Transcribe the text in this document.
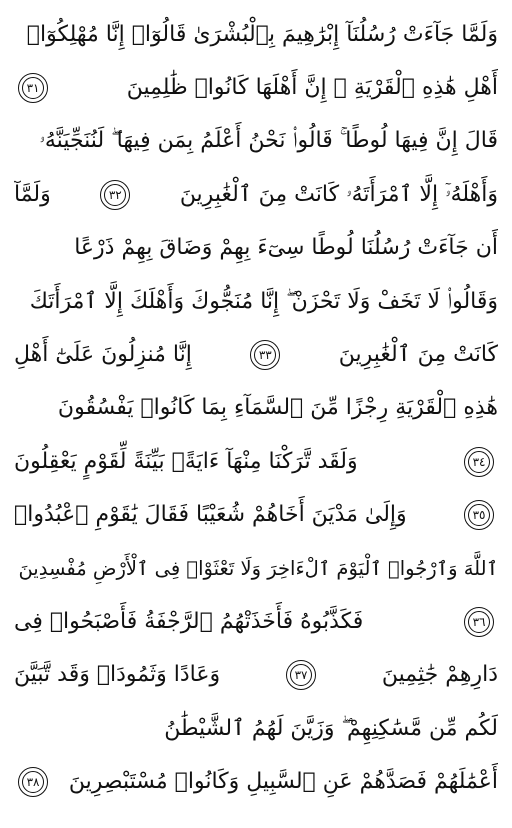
وَلَمَّا جَآءَتْ رُسُلُنَآ إِبْرَٰهِيمَ بِٱلْبُشْرَىٰ قَالُوٓا۟ إِنَّا مُهْلِكُوٓا۟
أَهْلِ هَٰذِهِ ٱلْقَرْيَةِ ۖ إِنَّ أَهْلَهَا كَانُوا۟ ظَٰلِمِينَ
٣١
قَالَ إِنَّ فِيهَا لُوطًا ۚ قَالُوا۟ نَحْنُ أَعْلَمُ بِمَن فِيهَا ۖ لَنُنَجِّيَنَّهُۥ
وَأَهْلَهُۥٓ إِلَّا ٱمْرَأَتَهُۥ كَانَتْ مِنَ ٱلْغَٰبِرِينَ
٣٢
وَلَمَّآ
أَن جَآءَتْ رُسُلُنَا لُوطًا سِىٓءَ بِهِمْ وَضَاقَ بِهِمْ ذَرْعًا
وَقَالُوا۟ لَا تَخَفْ وَلَا تَحْزَنْ ۖ إِنَّا مُنَجُّوكَ وَأَهْلَكَ إِلَّا ٱمْرَأَتَكَ
كَانَتْ مِنَ ٱلْغَٰبِرِينَ
٣٣
إِنَّا مُنزِلُونَ عَلَىٰٓ أَهْلِ
هَٰذِهِ ٱلْقَرْيَةِ رِجْزًا مِّنَ ٱلسَّمَآءِ بِمَا كَانُوا۟ يَفْسُقُونَ
٣٤
وَلَقَد تَّرَكْنَا مِنْهَآ ءَايَةًۢ بَيِّنَةً لِّقَوْمٍ يَعْقِلُونَ
٣٥
وَإِلَىٰ مَدْيَنَ أَخَاهُمْ شُعَيْبًا فَقَالَ يَٰقَوْمِ ٱعْبُدُوا۟
ٱللَّهَ وَٱرْجُوا۟ ٱلْيَوْمَ ٱلْءَاخِرَ وَلَا تَعْثَوْا۟ فِى ٱلْأَرْضِ مُفْسِدِينَ
٣٦
فَكَذَّبُوهُ فَأَخَذَتْهُمُ ٱلرَّجْفَةُ فَأَصْبَحُوا۟ فِى
دَارِهِمْ جَٰثِمِينَ
٣٧
وَعَادًا وَثَمُودَا۟ وَقَد تَّبَيَّنَ
لَكُم مِّن مَّسَٰكِنِهِمْ ۖ وَزَيَّنَ لَهُمُ ٱلشَّيْطَٰنُ
أَعْمَٰلَهُمْ فَصَدَّهُمْ عَنِ ٱلسَّبِيلِ وَكَانُوا۟ مُسْتَبْصِرِينَ
٣٨
